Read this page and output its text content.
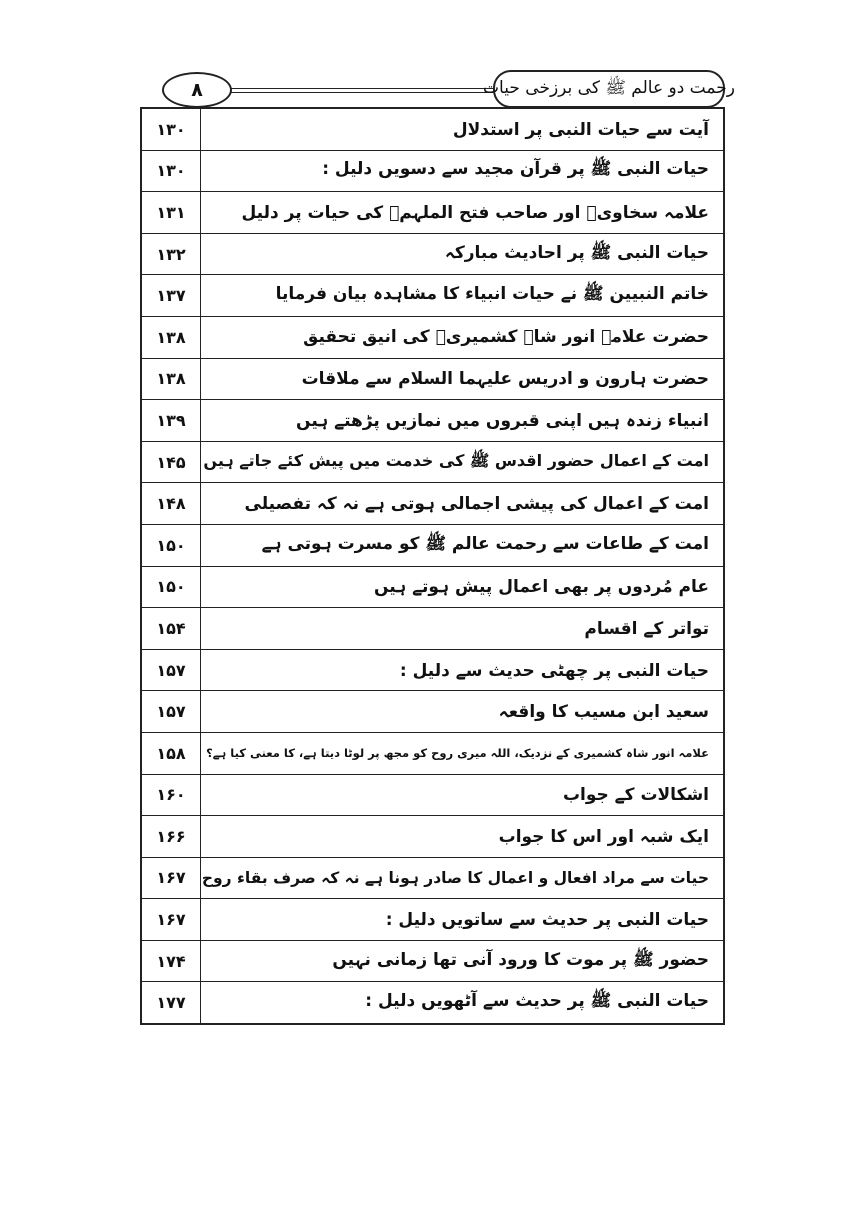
۸	رحمت دو عالم ﷺ کی برزخی حیات
۱۳۰	آیت سے حیات النبی پر استدلال
۱۳۰	حیات النبی ﷺ پر قرآن مجید سے دسویں دلیل :
۱۳۱	علامہ سخاویؒ اور صاحب فتح الملہمؒ کی حیات پر دلیل
۱۳۲	حیات النبی ﷺ پر احادیث مبارکہ
۱۳۷	خاتم النبیین ﷺ نے حیات انبیاء کا مشاہدہ بیان فرمایا
۱۳۸	حضرت علامہ انور شاہ کشمیریؒ کی انیق تحقیق
۱۳۸	حضرت ہارون و ادریس علیہما السلام سے ملاقات
۱۳۹	انبیاء زندہ ہیں اپنی قبروں میں نمازیں پڑھتے ہیں
۱۴۵	امت کے اعمال حضور اقدس ﷺ کی خدمت میں پیش کئے جاتے ہیں
۱۴۸	امت کے اعمال کی پیشی اجمالی ہوتی ہے نہ کہ تفصیلی
۱۵۰	امت کے طاعات سے رحمت عالم ﷺ کو مسرت ہوتی ہے
۱۵۰	عام مُردوں پر بھی اعمال پیش ہوتے ہیں
۱۵۴	تواتر کے اقسام
۱۵۷	حیات النبی پر چھٹی حدیث سے دلیل :
۱۵۷	سعید ابن مسیب کا واقعہ
۱۵۸	علامہ انور شاہ کشمیری کے نزدیک، اللہ میری روح کو مجھ پر لوٹا دیتا ہے، کا معنی کیا ہے؟
۱۶۰	اشکالات کے جواب
۱۶۶	ایک شبہ اور اس کا جواب
۱۶۷	حیات سے مراد افعال و اعمال کا صادر ہونا ہے نہ کہ صرف بقاء روح
۱۶۷	حیات النبی پر حدیث سے ساتویں دلیل :
۱۷۴	حضور ﷺ پر موت کا ورود آنی تھا زمانی نہیں
۱۷۷	حیات النبی ﷺ پر حدیث سے آٹھویں دلیل :
